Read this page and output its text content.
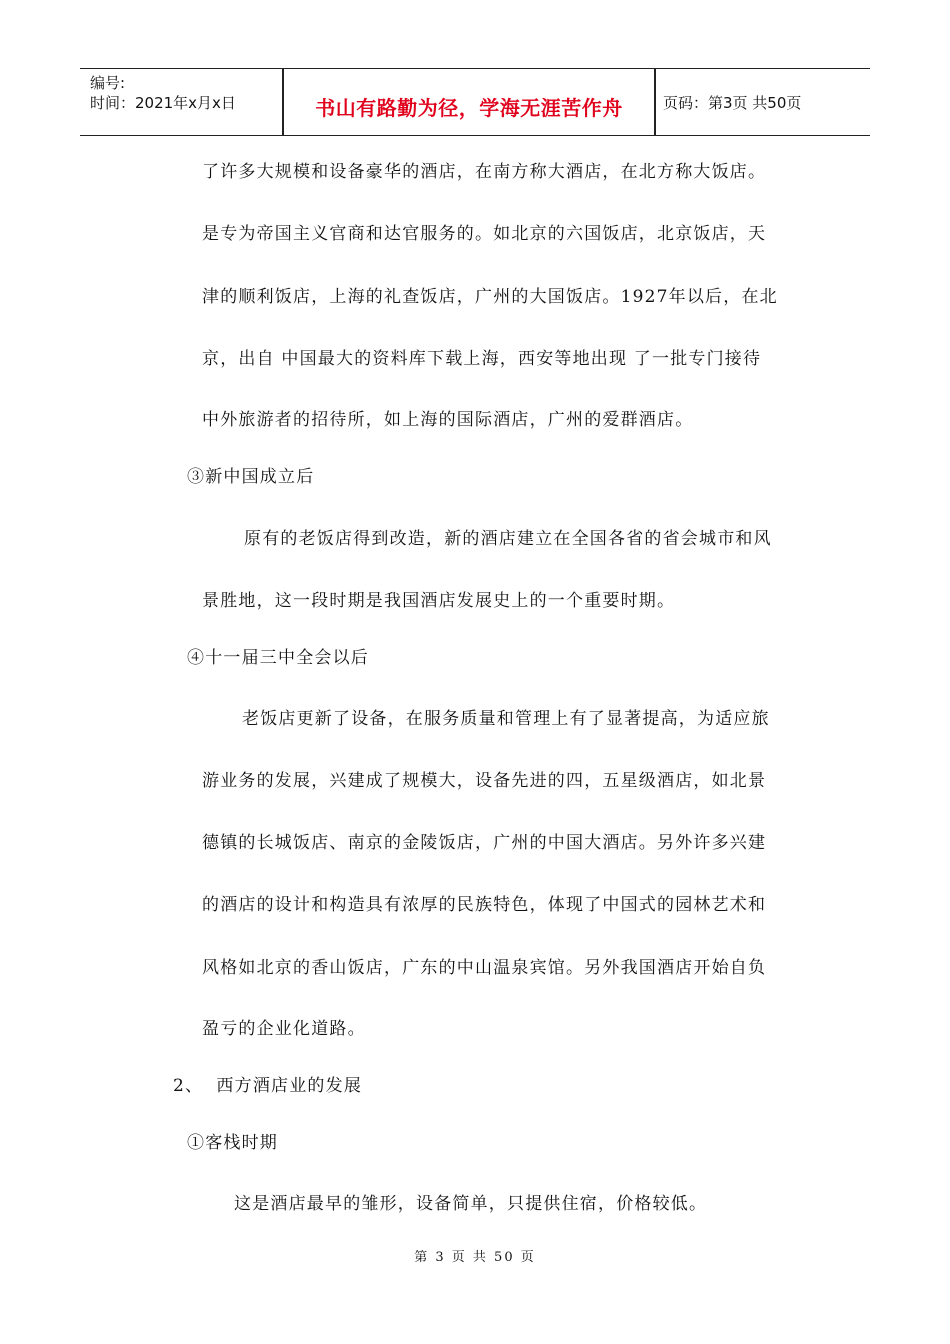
编号:
时间：2021年x月x日	书山有路勤为径，学海无涯苦作舟	页码：第3页 共50页
了许多大规模和设备豪华的酒店，在南方称大酒店，在北方称大饭店。
是专为帝国主义官商和达官服务的。如北京的六国饭店，北京饭店，天
津的顺利饭店，上海的礼查饭店，广州的大国饭店。1927年以后，在北
京，出自 中国最大的资料库下载上海，西安等地出现 了一批专门接待
中外旅游者的招待所，如上海的国际酒店，广州的爱群酒店。
③新中国成立后
原有的老饭店得到改造，新的酒店建立在全国各省的省会城市和风
景胜地，这一段时期是我国酒店发展史上的一个重要时期。
④十一届三中全会以后
老饭店更新了设备，在服务质量和管理上有了显著提高，为适应旅
游业务的发展，兴建成了规模大，设备先进的四，五星级酒店，如北景
德镇的长城饭店、南京的金陵饭店，广州的中国大酒店。另外许多兴建
的酒店的设计和构造具有浓厚的民族特色，体现了中国式的园林艺术和
风格如北京的香山饭店，广东的中山温泉宾馆。另外我国酒店开始自负
盈亏的企业化道路。
2、  西方酒店业的发展
①客栈时期
这是酒店最早的雏形，设备简单，只提供住宿，价格较低。
第 3 页 共 50 页
